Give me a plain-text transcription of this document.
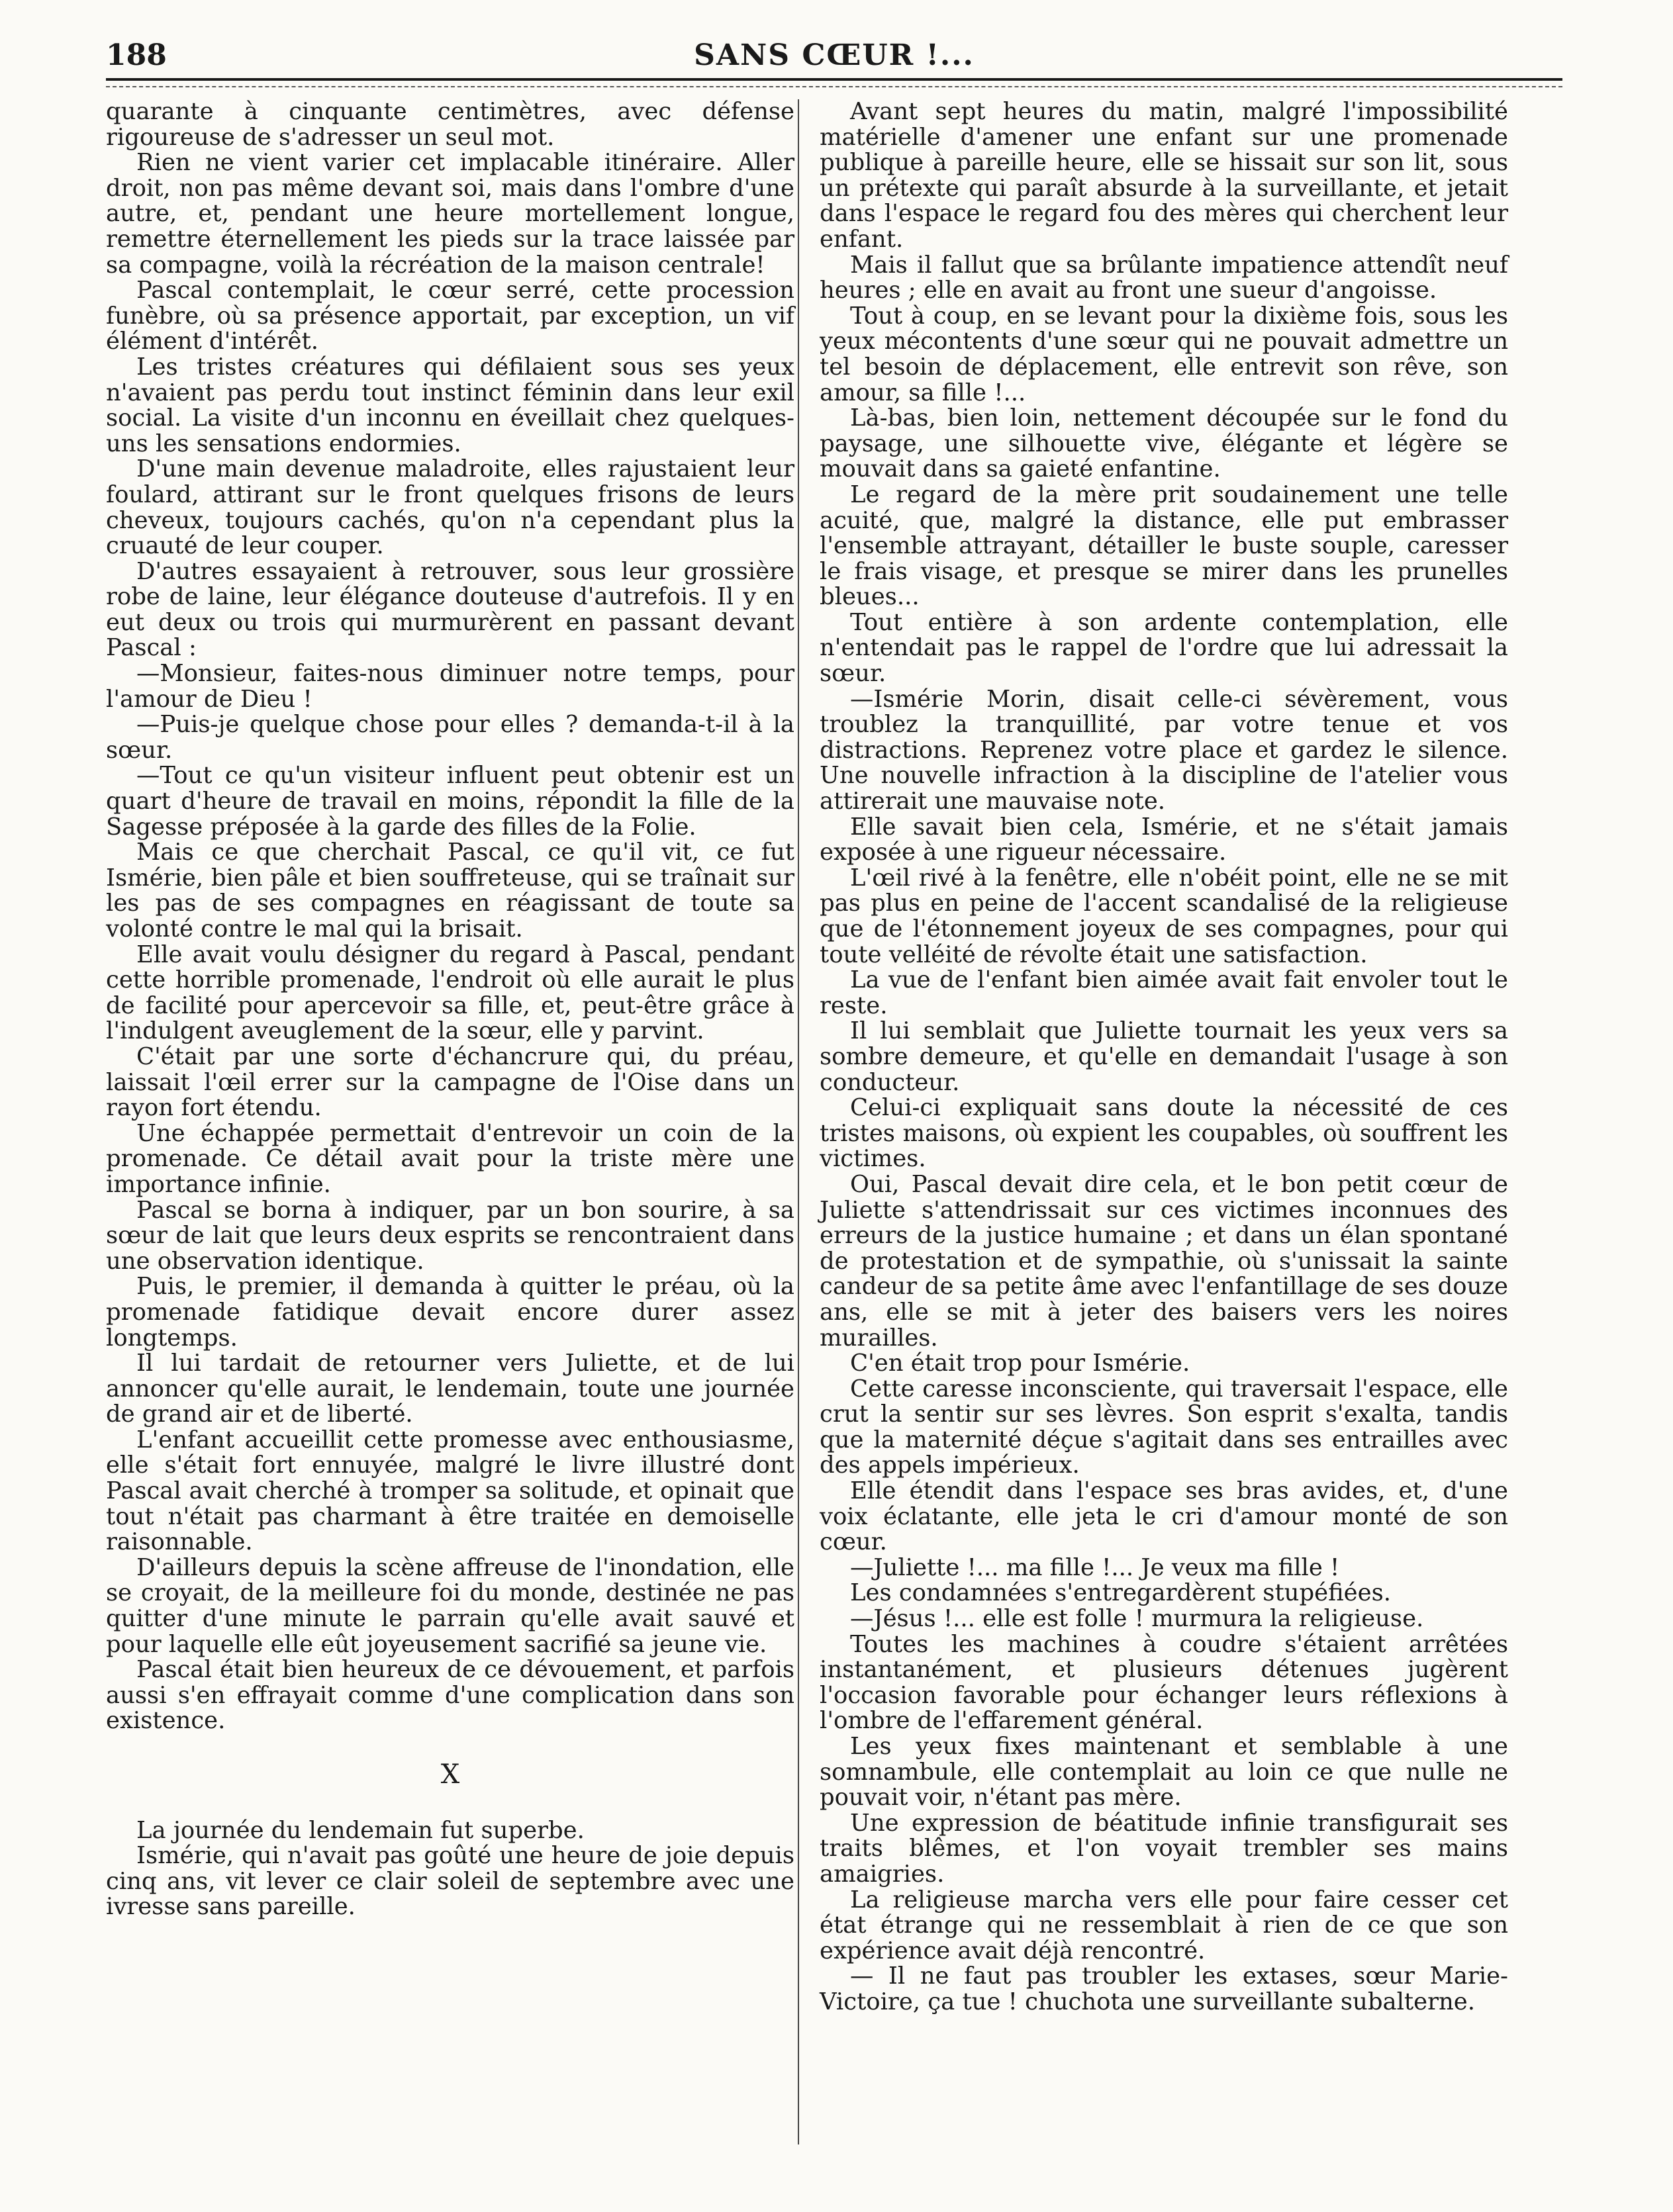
188	SANS CŒUR !...

quarante à cinquante centimètres, avec défense rigoureuse de s'adresser un seul mot.

Rien ne vient varier cet implacable itinéraire. Aller droit, non pas même devant soi, mais dans l'ombre d'une autre, et, pendant une heure mortellement longue, remettre éternellement les pieds sur la trace laissée par sa compagne, voilà la récréation de la maison centrale!

Pascal contemplait, le cœur serré, cette procession funèbre, où sa présence apportait, par exception, un vif élément d'intérêt.

Les tristes créatures qui défilaient sous ses yeux n'avaient pas perdu tout instinct féminin dans leur exil social. La visite d'un inconnu en éveillait chez quelques-uns les sensations endormies.

D'une main devenue maladroite, elles rajustaient leur foulard, attirant sur le front quelques frisons de leurs cheveux, toujours cachés, qu'on n'a cependant plus la cruauté de leur couper.

D'autres essayaient à retrouver, sous leur grossière robe de laine, leur élégance douteuse d'autrefois. Il y en eut deux ou trois qui murmurèrent en passant devant Pascal :

—Monsieur, faites-nous diminuer notre temps, pour l'amour de Dieu !

—Puis-je quelque chose pour elles ? demanda-t-il à la sœur.

—Tout ce qu'un visiteur influent peut obtenir est un quart d'heure de travail en moins, répondit la fille de la Sagesse préposée à la garde des filles de la Folie.

Mais ce que cherchait Pascal, ce qu'il vit, ce fut Ismérie, bien pâle et bien souffreteuse, qui se traînait sur les pas de ses compagnes en réagissant de toute sa volonté contre le mal qui la brisait.

Elle avait voulu désigner du regard à Pascal, pendant cette horrible promenade, l'endroit où elle aurait le plus de facilité pour apercevoir sa fille, et, peut-être grâce à l'indulgent aveuglement de la sœur, elle y parvint.

C'était par une sorte d'échancrure qui, du préau, laissait l'œil errer sur la campagne de l'Oise dans un rayon fort étendu.

Une échappée permettait d'entrevoir un coin de la promenade. Ce détail avait pour la triste mère une importance infinie.

Pascal se borna à indiquer, par un bon sourire, à sa sœur de lait que leurs deux esprits se rencontraient dans une observation identique.

Puis, le premier, il demanda à quitter le préau, où la promenade fatidique devait encore durer assez longtemps.

Il lui tardait de retourner vers Juliette, et de lui annoncer qu'elle aurait, le lendemain, toute une journée de grand air et de liberté.

L'enfant accueillit cette promesse avec enthousiasme, elle s'était fort ennuyée, malgré le livre illustré dont Pascal avait cherché à tromper sa solitude, et opinait que tout n'était pas charmant à être traitée en demoiselle raisonnable.

D'ailleurs depuis la scène affreuse de l'inondation, elle se croyait, de la meilleure foi du monde, destinée ne pas quitter d'une minute le parrain qu'elle avait sauvé et pour laquelle elle eût joyeusement sacrifié sa jeune vie.

Pascal était bien heureux de ce dévouement, et parfois aussi s'en effrayait comme d'une complication dans son existence.

X

La journée du lendemain fut superbe.

Ismérie, qui n'avait pas goûté une heure de joie depuis cinq ans, vit lever ce clair soleil de septembre avec une ivresse sans pareille.

Avant sept heures du matin, malgré l'impossibilité matérielle d'amener une enfant sur une promenade publique à pareille heure, elle se hissait sur son lit, sous un prétexte qui paraît absurde à la surveillante, et jetait dans l'espace le regard fou des mères qui cherchent leur enfant.

Mais il fallut que sa brûlante impatience attendît neuf heures ; elle en avait au front une sueur d'angoisse.

Tout à coup, en se levant pour la dixième fois, sous les yeux mécontents d'une sœur qui ne pouvait admettre un tel besoin de déplacement, elle entrevit son rêve, son amour, sa fille !...

Là-bas, bien loin, nettement découpée sur le fond du paysage, une silhouette vive, élégante et légère se mouvait dans sa gaieté enfantine.

Le regard de la mère prit soudainement une telle acuité, que, malgré la distance, elle put embrasser l'ensemble attrayant, détailler le buste souple, caresser le frais visage, et presque se mirer dans les prunelles bleues...

Tout entière à son ardente contemplation, elle n'entendait pas le rappel de l'ordre que lui adressait la sœur.

—Ismérie Morin, disait celle-ci sévèrement, vous troublez la tranquillité, par votre tenue et vos distractions. Reprenez votre place et gardez le silence. Une nouvelle infraction à la discipline de l'atelier vous attirerait une mauvaise note.

Elle savait bien cela, Ismérie, et ne s'était jamais exposée à une rigueur nécessaire.

L'œil rivé à la fenêtre, elle n'obéit point, elle ne se mit pas plus en peine de l'accent scandalisé de la religieuse que de l'étonnement joyeux de ses compagnes, pour qui toute velléité de révolte était une satisfaction.

La vue de l'enfant bien aimée avait fait envoler tout le reste.

Il lui semblait que Juliette tournait les yeux vers sa sombre demeure, et qu'elle en demandait l'usage à son conducteur.

Celui-ci expliquait sans doute la nécessité de ces tristes maisons, où expient les coupables, où souffrent les victimes.

Oui, Pascal devait dire cela, et le bon petit cœur de Juliette s'attendrissait sur ces victimes inconnues des erreurs de la justice humaine ; et dans un élan spontané de protestation et de sympathie, où s'unissait la sainte candeur de sa petite âme avec l'enfantillage de ses douze ans, elle se mit à jeter des baisers vers les noires murailles.

C'en était trop pour Ismérie.

Cette caresse inconsciente, qui traversait l'espace, elle crut la sentir sur ses lèvres. Son esprit s'exalta, tandis que la maternité déçue s'agitait dans ses entrailles avec des appels impérieux.

Elle étendit dans l'espace ses bras avides, et, d'une voix éclatante, elle jeta le cri d'amour monté de son cœur.

—Juliette !... ma fille !... Je veux ma fille !

Les condamnées s'entregardèrent stupéfiées.

—Jésus !... elle est folle ! murmura la religieuse.

Toutes les machines à coudre s'étaient arrêtées instantanément, et plusieurs détenues jugèrent l'occasion favorable pour échanger leurs réflexions à l'ombre de l'effarement général.

Les yeux fixes maintenant et semblable à une somnambule, elle contemplait au loin ce que nulle ne pouvait voir, n'étant pas mère.

Une expression de béatitude infinie transfigurait ses traits blêmes, et l'on voyait trembler ses mains amaigries.

La religieuse marcha vers elle pour faire cesser cet état étrange qui ne ressemblait à rien de ce que son expérience avait déjà rencontré.

— Il ne faut pas troubler les extases, sœur Marie-Victoire, ça tue ! chuchota une surveillante subalterne.
